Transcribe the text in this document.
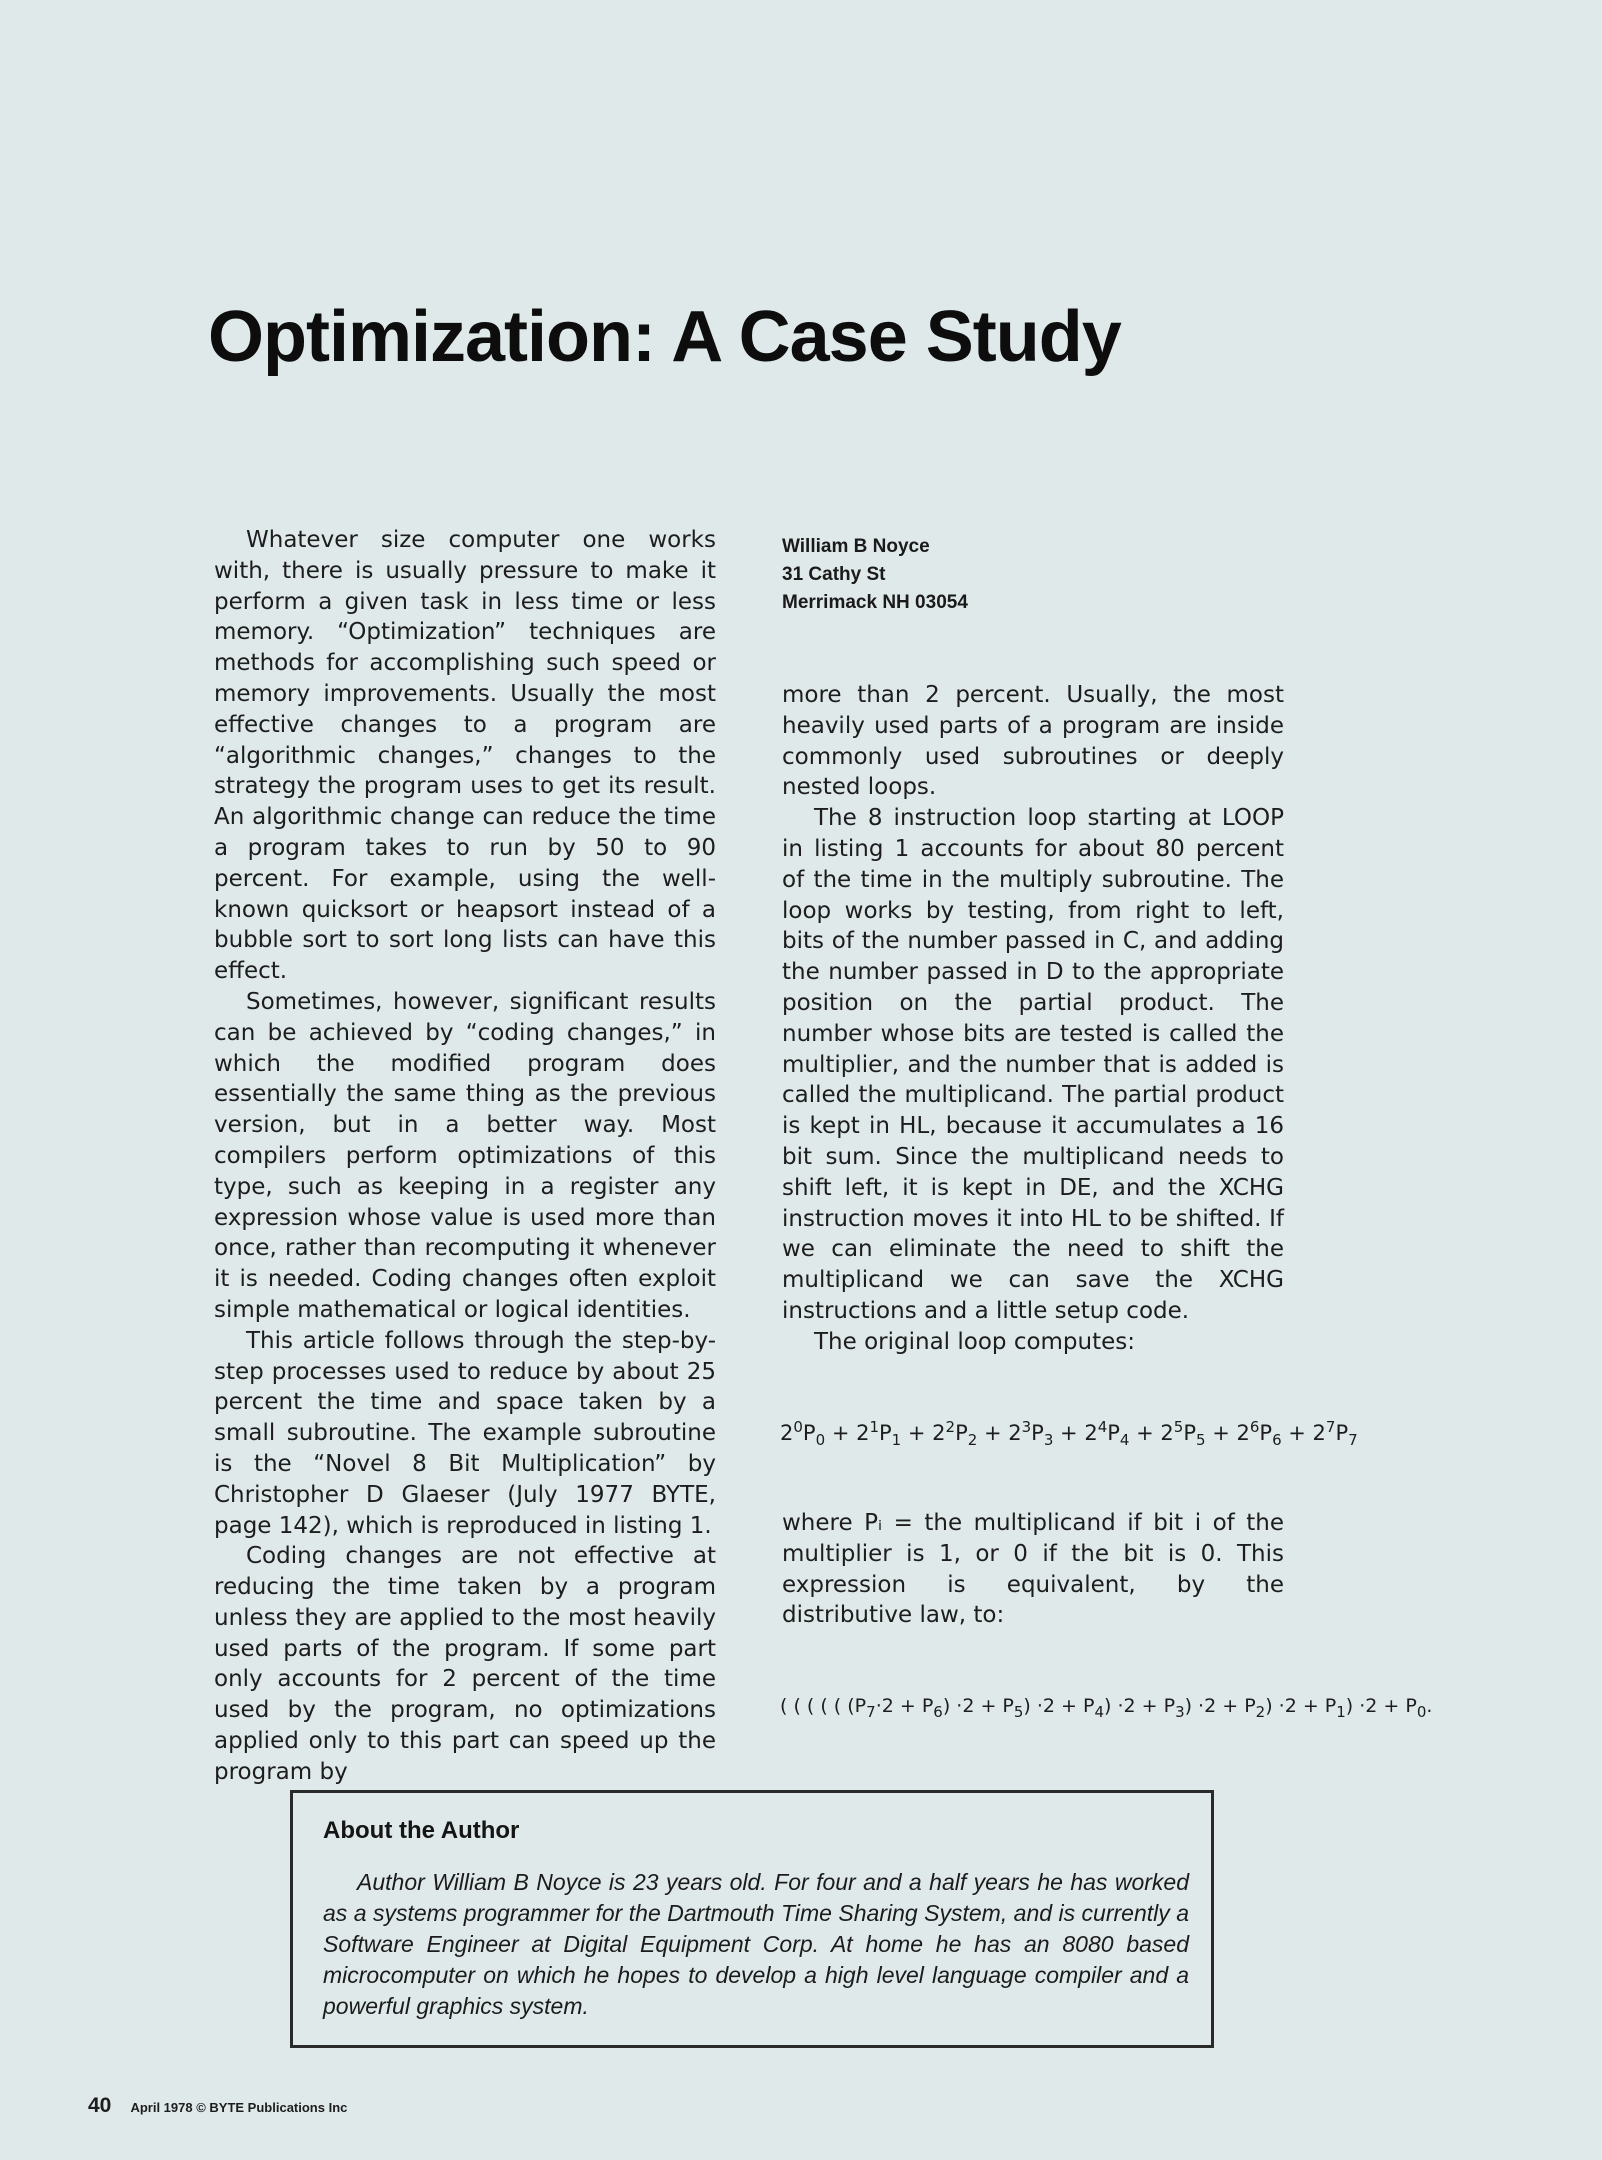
Optimization: A Case Study
William B Noyce
31 Cathy St
Merrimack NH 03054

Whatever size computer one works with, there is usually pressure to make it perform a given task in less time or less memory. “Optimization” techniques are methods for accomplishing such speed or memory improvements. Usually the most effective changes to a program are “algorithmic changes,” changes to the strategy the program uses to get its result. An algorithmic change can reduce the time a program takes to run by 50 to 90 percent. For example, using the well-known quicksort or heapsort instead of a bubble sort to sort long lists can have this effect.

Sometimes, however, significant results can be achieved by “coding changes,” in which the modified program does essentially the same thing as the previous version, but in a better way. Most compilers perform optimizations of this type, such as keeping in a register any expression whose value is used more than once, rather than recomputing it whenever it is needed. Coding changes often exploit simple mathematical or logical identities.

This article follows through the step-by-step processes used to reduce by about 25 percent the time and space taken by a small subroutine. The example subroutine is the “Novel 8 Bit Multiplication” by Christopher D Glaeser (July 1977 BYTE, page 142), which is reproduced in listing 1.

Coding changes are not effective at reducing the time taken by a program unless they are applied to the most heavily used parts of the program. If some part only accounts for 2 percent of the time used by the program, no optimizations applied only to this part can speed up the program by

more than 2 percent. Usually, the most heavily used parts of a program are inside commonly used subroutines or deeply nested loops.

The 8 instruction loop starting at LOOP in listing 1 accounts for about 80 percent of the time in the multiply subroutine. The loop works by testing, from right to left, bits of the number passed in C, and adding the number passed in D to the appropriate position on the partial product. The number whose bits are tested is called the multiplier, and the number that is added is called the multiplicand. The partial product is kept in HL, because it accumulates a 16 bit sum. Since the multiplicand needs to shift left, it is kept in DE, and the XCHG instruction moves it into HL to be shifted. If we can eliminate the need to shift the multiplicand we can save the XCHG instructions and a little setup code.

The original loop computes:

$2^0P_0 + 2^1P_1 + 2^2P_2 + 2^3P_3 + 2^4P_4 + 2^5P_5 + 2^6P_6 + 2^7P_7$

where Pᵢ = the multiplicand if bit i of the multiplier is 1, or 0 if the bit is 0. This expression is equivalent, by the distributive law, to:

( ( ( ( ( $(P_7\cdot 2 + P_6) \cdot 2 + P_5) \cdot 2 + P_4) \cdot 2 + P_3) \cdot 2 + P_2) \cdot 2 + P_1) \cdot 2 + P_0$.
About the Author
Author William B Noyce is 23 years old. For four and a half years he has worked as a systems programmer for the Dartmouth Time Sharing System, and is currently a Software Engineer at Digital Equipment Corp. At home he has an 8080 based microcomputer on which he hopes to develop a high level language compiler and a powerful graphics system.
40 April 1978 © BYTE Publications Inc
